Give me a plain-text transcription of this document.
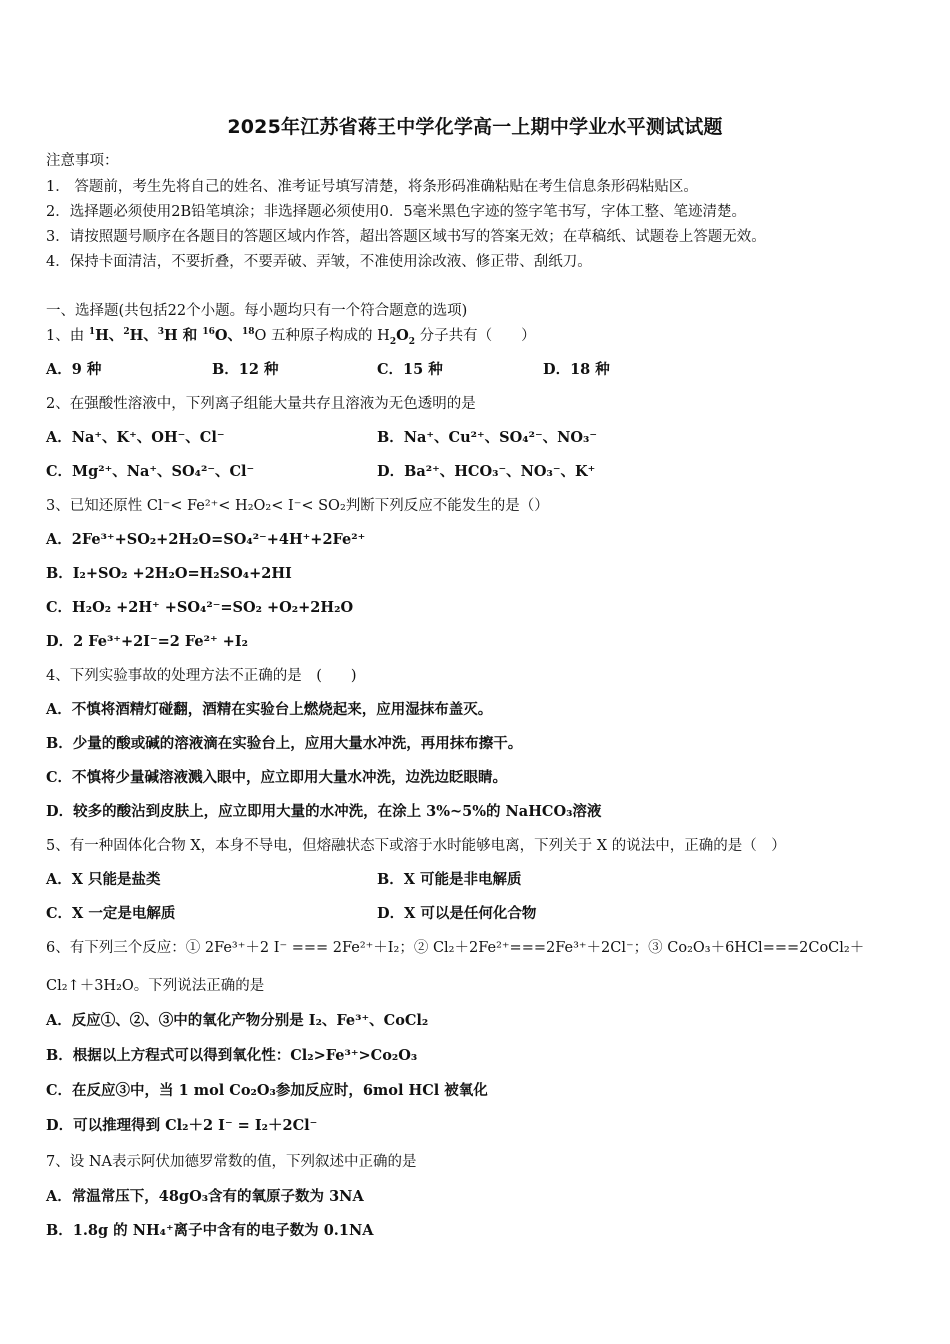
2025年江苏省蒋王中学化学高一上期中学业水平测试试题
注意事项：
1． 答题前，考生先将自己的姓名、准考证号填写清楚，将条形码准确粘贴在考生信息条形码粘贴区。
2．选择题必须使用2B铅笔填涂；非选择题必须使用0．5毫米黑色字迹的签字笔书写，字体工整、笔迹清楚。
3．请按照题号顺序在各题目的答题区域内作答，超出答题区域书写的答案无效；在草稿纸、试题卷上答题无效。
4．保持卡面清洁，不要折叠，不要弄破、弄皱，不准使用涂改液、修正带、刮纸刀。
一、选择题(共包括22个小题。每小题均只有一个符合题意的选项)
1、由 $^1$H、$^2$H、$^3$H 和 $^{16}$O、$^{18}$O 五种原子构成的 $H_2O_2$ 分子共有（　　）
A．9 种	B．12 种	C．15 种	D．18 种
2、在强酸性溶液中，下列离子组能大量共存且溶液为无色透明的是
A．Na⁺、K⁺、OH⁻、Cl⁻	B．Na⁺、Cu²⁺、SO₄²⁻、NO₃⁻
C．Mg²⁺、Na⁺、SO₄²⁻、Cl⁻	D．Ba²⁺、HCO₃⁻、NO₃⁻、K⁺
3、已知还原性 Cl⁻< Fe²⁺< H₂O₂< I⁻< SO₂判断下列反应不能发生的是（）
A．2Fe³⁺+SO₂+2H₂O=SO₄²⁻+4H⁺+2Fe²⁺
B．I₂+SO₂ +2H₂O=H₂SO₄+2HI
C．H₂O₂ +2H⁺ +SO₄²⁻=SO₂ +O₂+2H₂O
D．2 Fe³⁺+2I⁻=2 Fe²⁺ +I₂
4、下列实验事故的处理方法不正确的是　(　　)
A．不慎将酒精灯碰翻，酒精在实验台上燃烧起来，应用湿抹布盖灭。
B．少量的酸或碱的溶液滴在实验台上，应用大量水冲洗，再用抹布擦干。
C．不慎将少量碱溶液溅入眼中，应立即用大量水冲洗，边洗边眨眼睛。
D．较多的酸沾到皮肤上，应立即用大量的水冲洗，在涂上 3%~5%的 NaHCO₃溶液
5、有一种固体化合物 X，本身不导电，但熔融状态下或溶于水时能够电离，下列关于 X 的说法中，正确的是（　）
A．X 只能是盐类	B．X 可能是非电解质
C．X 一定是电解质	D．X 可以是任何化合物
6、有下列三个反应：① 2Fe³⁺＋2 I⁻ === 2Fe²⁺＋I₂；② Cl₂＋2Fe²⁺===2Fe³⁺＋2Cl⁻；③ Co₂O₃＋6HCl===2CoCl₂＋
Cl₂↑＋3H₂O。下列说法正确的是
A．反应①、②、③中的氧化产物分别是 I₂、Fe³⁺、CoCl₂
B．根据以上方程式可以得到氧化性：Cl₂>Fe³⁺>Co₂O₃
C．在反应③中，当 1 mol Co₂O₃参加反应时，6mol HCl 被氧化
D．可以推理得到 Cl₂＋2 I⁻ = I₂＋2Cl⁻
7、设 NA表示阿伏加德罗常数的值，下列叙述中正确的是
A．常温常压下，48gO₃含有的氧原子数为 3NA
B．1.8g 的 NH₄⁺离子中含有的电子数为 0.1NA
